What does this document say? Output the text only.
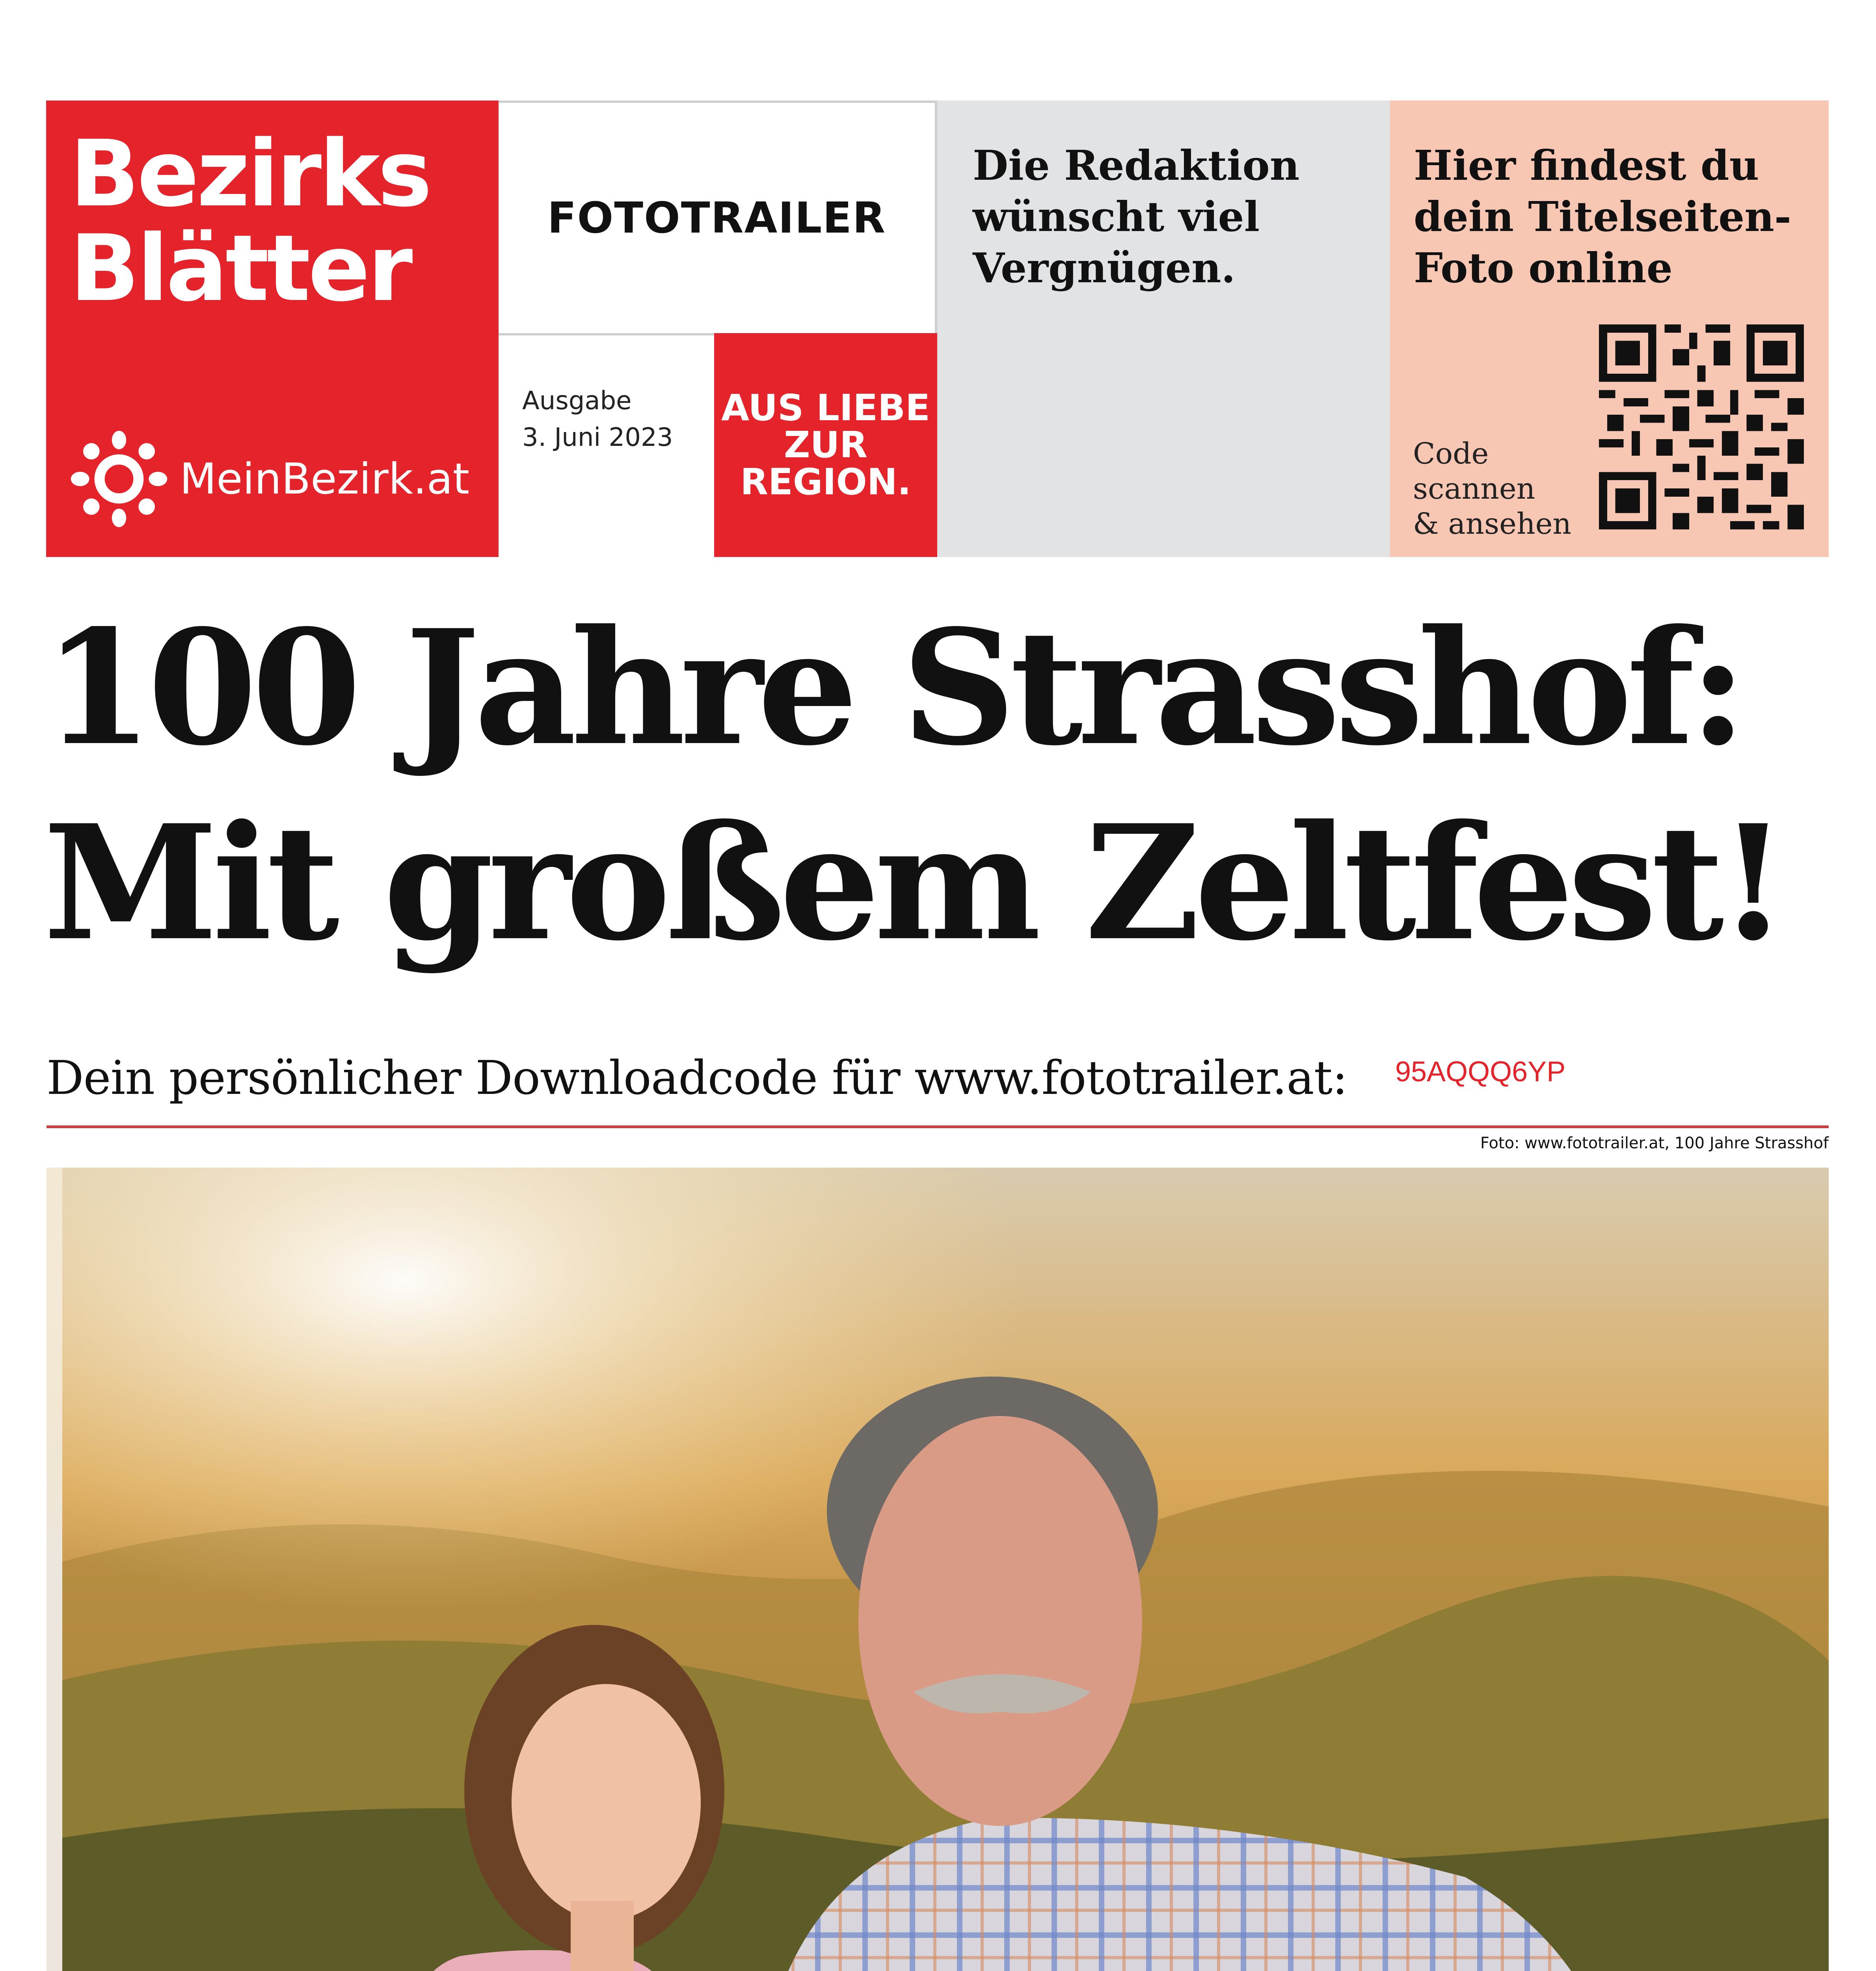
Bezirks
Blätter
MeinBezirk.at
FOTOTRAILER
Ausgabe
3. Juni 2023
AUS LIEBE
ZUR
REGION.
Die Redaktion
wünscht viel
Vergnügen.
Hier findest du
dein Titelseiten-
Foto online
Code
scannen
& ansehen
100 Jahre Strasshof:
Mit großem Zeltfest!
Dein persönlicher Downloadcode für www.fototrailer.at: 95AQQQ6YP
Foto: www.fototrailer.at, 100 Jahre Strasshof
